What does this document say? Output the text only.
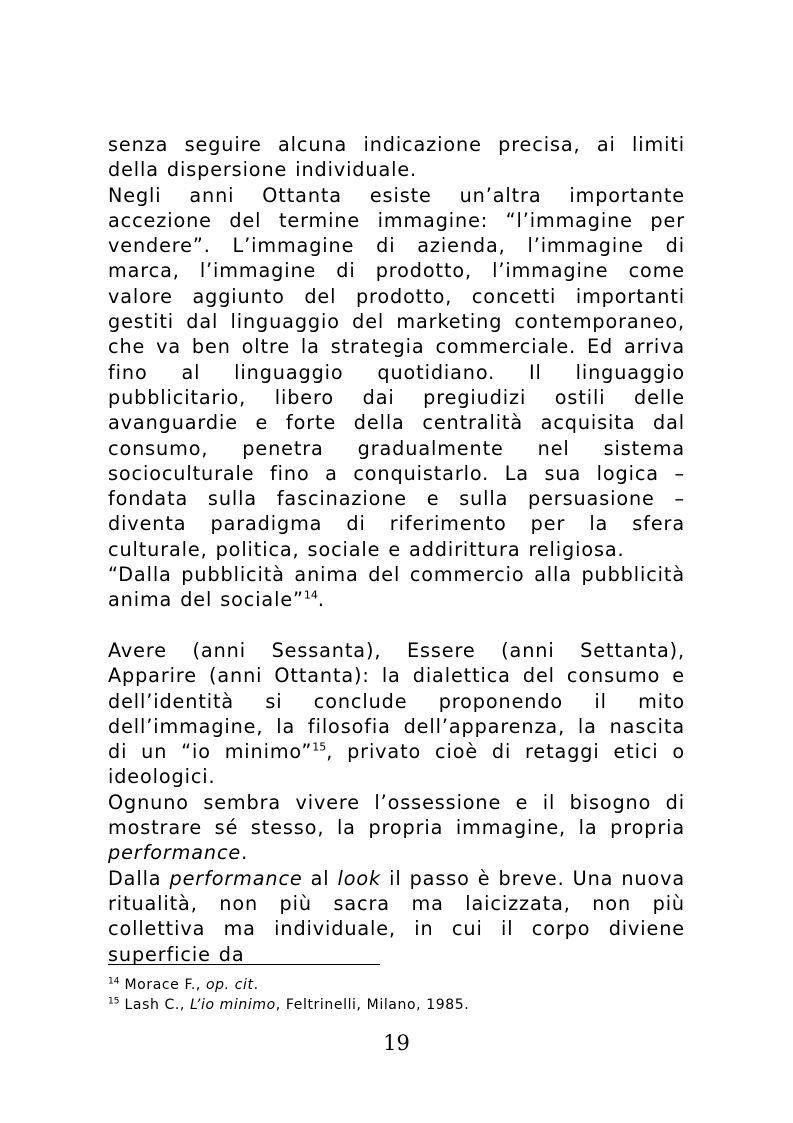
senza seguire alcuna indicazione precisa, ai limiti della dispersione individuale.

Negli anni Ottanta esiste un’altra importante accezione del termine immagine: “l’immagine per vendere”. L’immagine di azienda, l’immagine di marca, l’immagine di prodotto, l’immagine come valore aggiunto del prodotto, concetti importanti gestiti dal linguaggio del marketing contemporaneo, che va ben oltre la strategia commerciale. Ed arriva fino al linguaggio quotidiano. Il linguaggio pubblicitario, libero dai pregiudizi ostili delle avanguardie e forte della centralità acquisita dal consumo, penetra gradualmente nel sistema socioculturale fino a conquistarlo. La sua logica – fondata sulla fascinazione e sulla persuasione – diventa paradigma di riferimento per la sfera culturale, politica, sociale e addirittura religiosa.

“Dalla pubblicità anima del commercio alla pubblicità anima del sociale”$^{14}$.

Avere (anni Sessanta), Essere (anni Settanta), Apparire (anni Ottanta): la dialettica del consumo e dell’identità si conclude proponendo il mito dell’immagine, la filosofia dell’apparenza, la nascita di un “io minimo”$^{15}$, privato cioè di retaggi etici o ideologici.

Ognuno sembra vivere l’ossessione e il bisogno di mostrare sé stesso, la propria immagine, la propria performance.

Dalla performance al look il passo è breve. Una nuova ritualità, non più sacra ma laicizzata, non più collettiva ma individuale, in cui il corpo diviene superficie da

$^{14}$ Morace F., op. cit.

$^{15}$ Lash C., L’io minimo, Feltrinelli, Milano, 1985.

19
